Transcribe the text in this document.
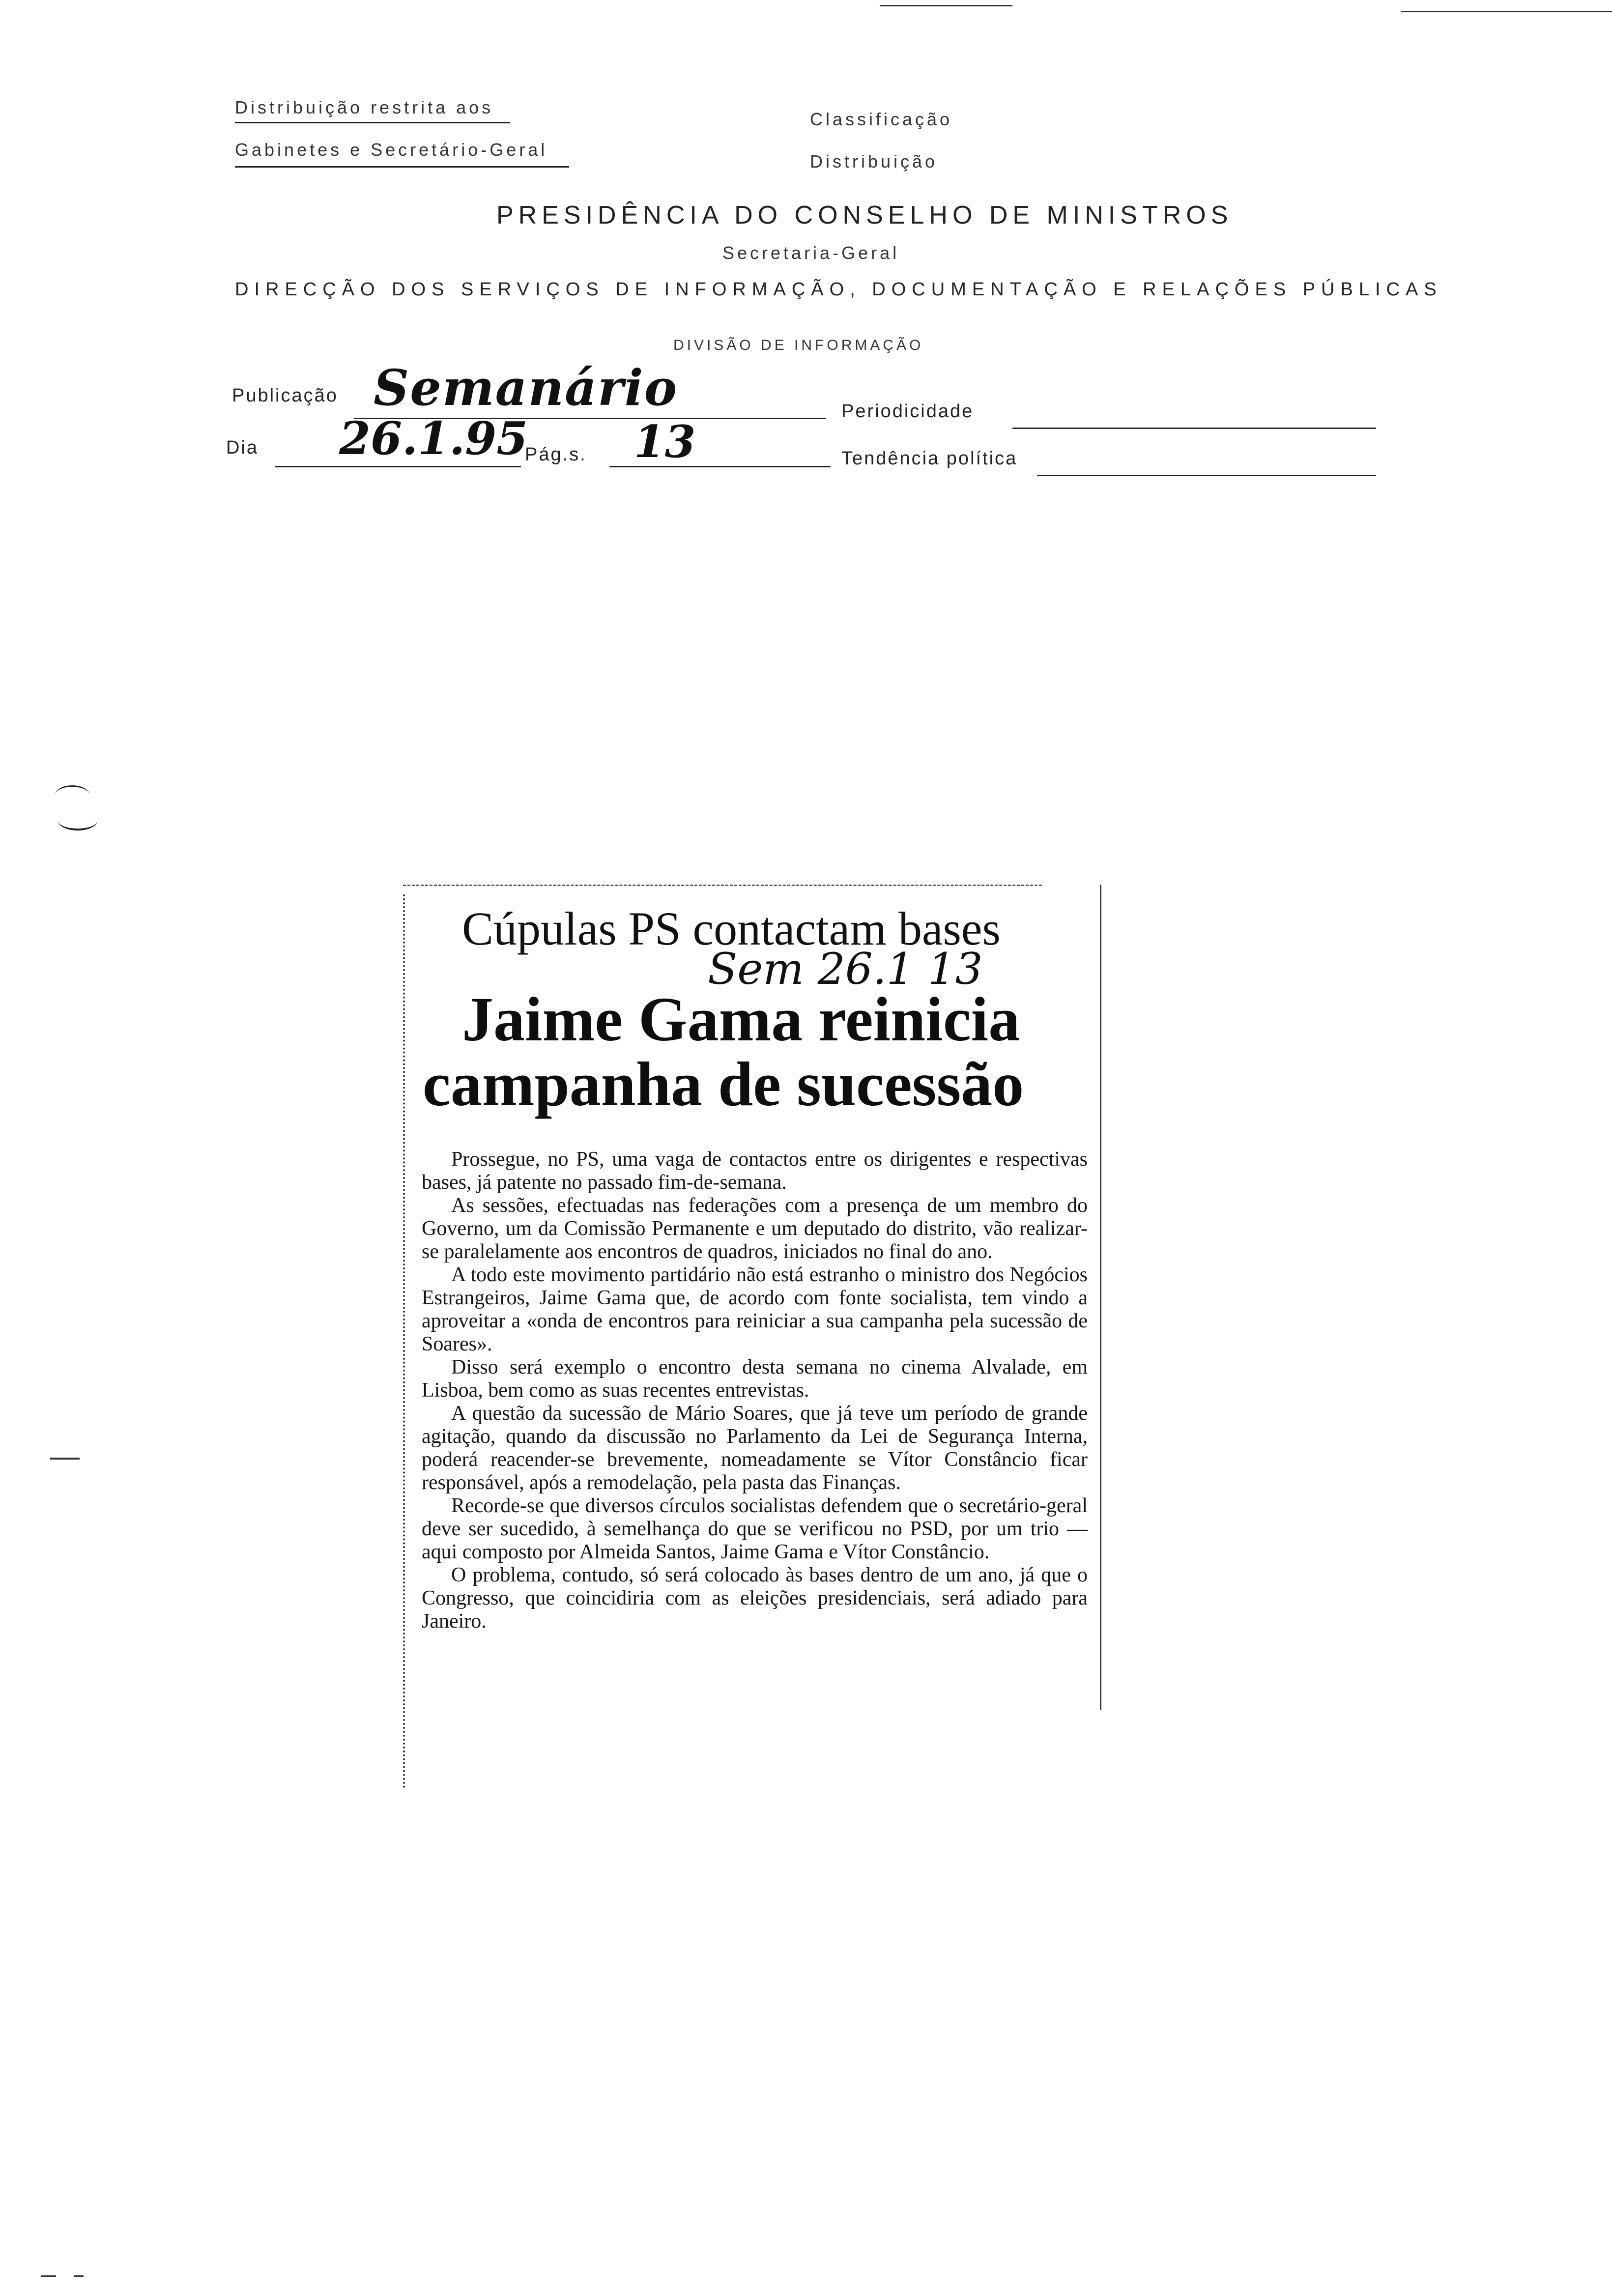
Distribuição restrita aos
Gabinetes e Secretário-Geral
Classificação
Distribuição
PRESIDÊNCIA DO CONSELHO DE MINISTROS
Secretaria-Geral
DIRECÇÃO DOS SERVIÇOS DE INFORMAÇÃO, DOCUMENTAÇÃO E RELAÇÕES PÚBLICAS
DIVISÃO DE INFORMAÇÃO
Publicação Semanário	Periodicidade
Dia 26.1.95
Pág.s. 13	Tendência política
Cúpulas PS contactam bases
Sem 26.1 13
Jaime Gama reinicia
campanha de sucessão

Prossegue, no PS, uma vaga de contactos entre os dirigentes e respectivas bases, já patente no passado fim-de-semana.

As sessões, efectuadas nas federações com a presença de um membro do Governo, um da Comissão Permanente e um deputado do distrito, vão realizar-se paralelamente aos encontros de quadros, iniciados no final do ano.

A todo este movimento partidário não está estranho o ministro dos Negócios Estrangeiros, Jaime Gama que, de acordo com fonte socialista, tem vindo a aproveitar a «onda de encontros para reiniciar a sua campanha pela sucessão de Soares».

Disso será exemplo o encontro desta semana no cinema Alvalade, em Lisboa, bem como as suas recentes entrevistas.

A questão da sucessão de Mário Soares, que já teve um período de grande agitação, quando da discussão no Parlamento da Lei de Segurança Interna, poderá reacender-se brevemente, nomeadamente se Vítor Constâncio ficar responsável, após a remodelação, pela pasta das Finanças.

Recorde-se que diversos círculos socialistas defendem que o secretário-geral deve ser sucedido, à semelhança do que se verificou no PSD, por um trio — aqui composto por Almeida Santos, Jaime Gama e Vítor Constâncio.

O problema, contudo, só será colocado às bases dentro de um ano, já que o Congresso, que coincidiria com as eleições presidenciais, será adiado para Janeiro.
